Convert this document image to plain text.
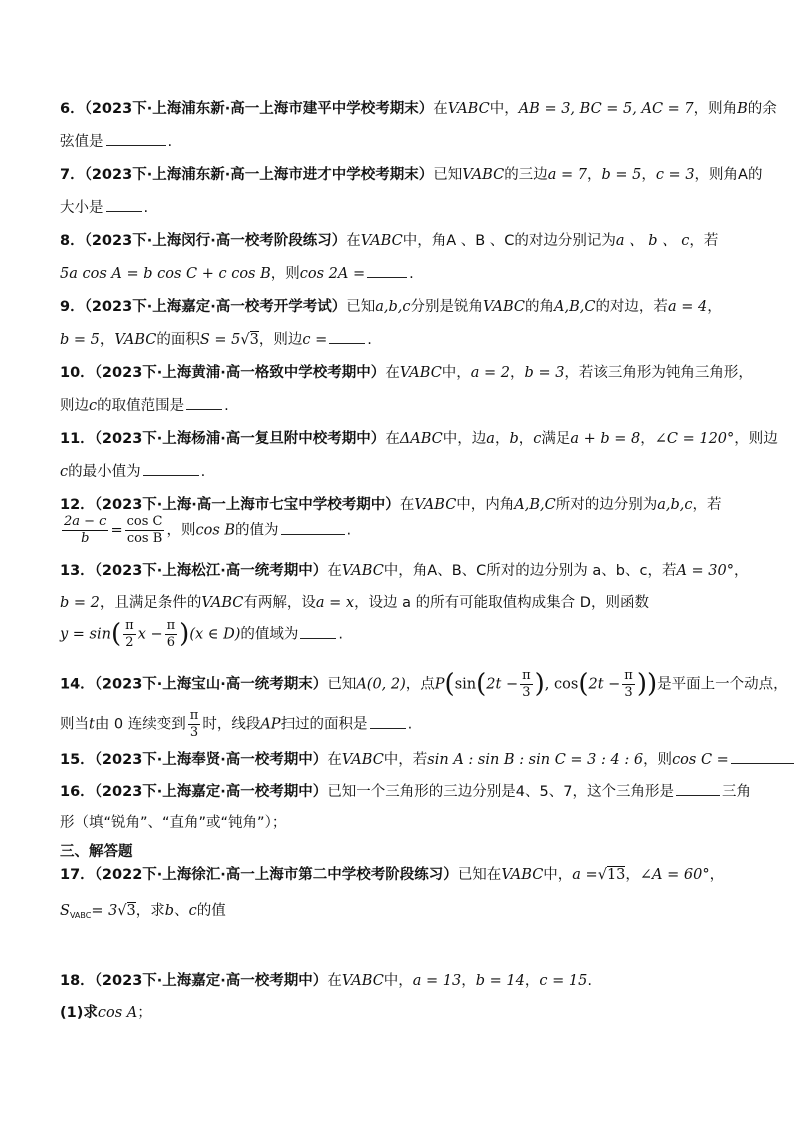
6．（2023下·上海浦东新·高一上海市建平中学校考期末）在VABC中，AB = 3, BC = 5, AC = 7，则角B的余
弦值是	.
7．（2023下·上海浦东新·高一上海市进才中学校考期末）已知VABC的三边a = 7，b = 5，c = 3，则角A的
大小是	.
8．（2023下·上海闵行·高一校考阶段练习）在VABC中，角A 、B 、C的对边分别记为a 、 b 、 c，若
5a cos A = b cos C + c cos B，则cos 2A =	.
9．（2023下·上海嘉定·高一校考开学考试）已知a,b,c分别是锐角VABC的角A,B,C的对边，若a = 4，
b = 5，VABC的面积S = 5√3，则边c =	.
10．（2023下·上海黄浦·高一格致中学校考期中）在VABC中，a = 2，b = 3，若该三角形为钝角三角形，
则边c的取值范围是	.
11．（2023下·上海杨浦·高一复旦附中校考期中）在ΔABC中，边a，b，c满足a + b = 8，∠C = 120°，则边
c的最小值为	.
12．（2023下·上海·高一上海市七宝中学校考期中）在VABC中，内角A,B,C所对的边分别为a,b,c，若
$\frac{2a - c}{b} = \frac{\text{cos C}}{\text{cos B}}$ ，则cos B的值为	.
13．（2023下·上海松江·高一统考期中）在VABC中，角A、B、C所对的边分别为 a、b、c，若A = 30°，
b = 2，且满足条件的VABC有两解，设a = x，设边 a 的所有可能取值构成集合 D，则函数
$y = \sin( \frac{\pi}{2}$ $x - \frac{\pi}{6} )(x$ ∈ D)的值域为	.
14．（2023下·上海宝山·高一统考期末）已知A(0, 2)，点$P(\sin(2t - \frac{\pi}{3}$ ), $\cos(2t - \frac{\pi}{3}$ ))是平面上一个动点，
则当t由 0 连续变到 $\frac{\pi}{3}$ 时，线段AP扫过的面积是	.
15．（2023下·上海奉贤·高一校考期中）在VABC中，若sin A : sin B : sin C = 3 : 4 : 6，则cos C =
16．（2023下·上海嘉定·高一校考期中）已知一个三角形的三边分别是4、5、7，这个三角形是	三角
形（填“锐角”、“直角”或“钝角”）；
三、解答题
17．（2022下·上海徐汇·高一上海市第二中学校考阶段练习）已知在VABC中，a =√13，∠A = 60°，
$S_{VABC}= 3√3$，求b、c的值
18．（2023下·上海嘉定·高一校考期中）在VABC中，a = 13，b = 14，c = 15.
(1)求cos A；
